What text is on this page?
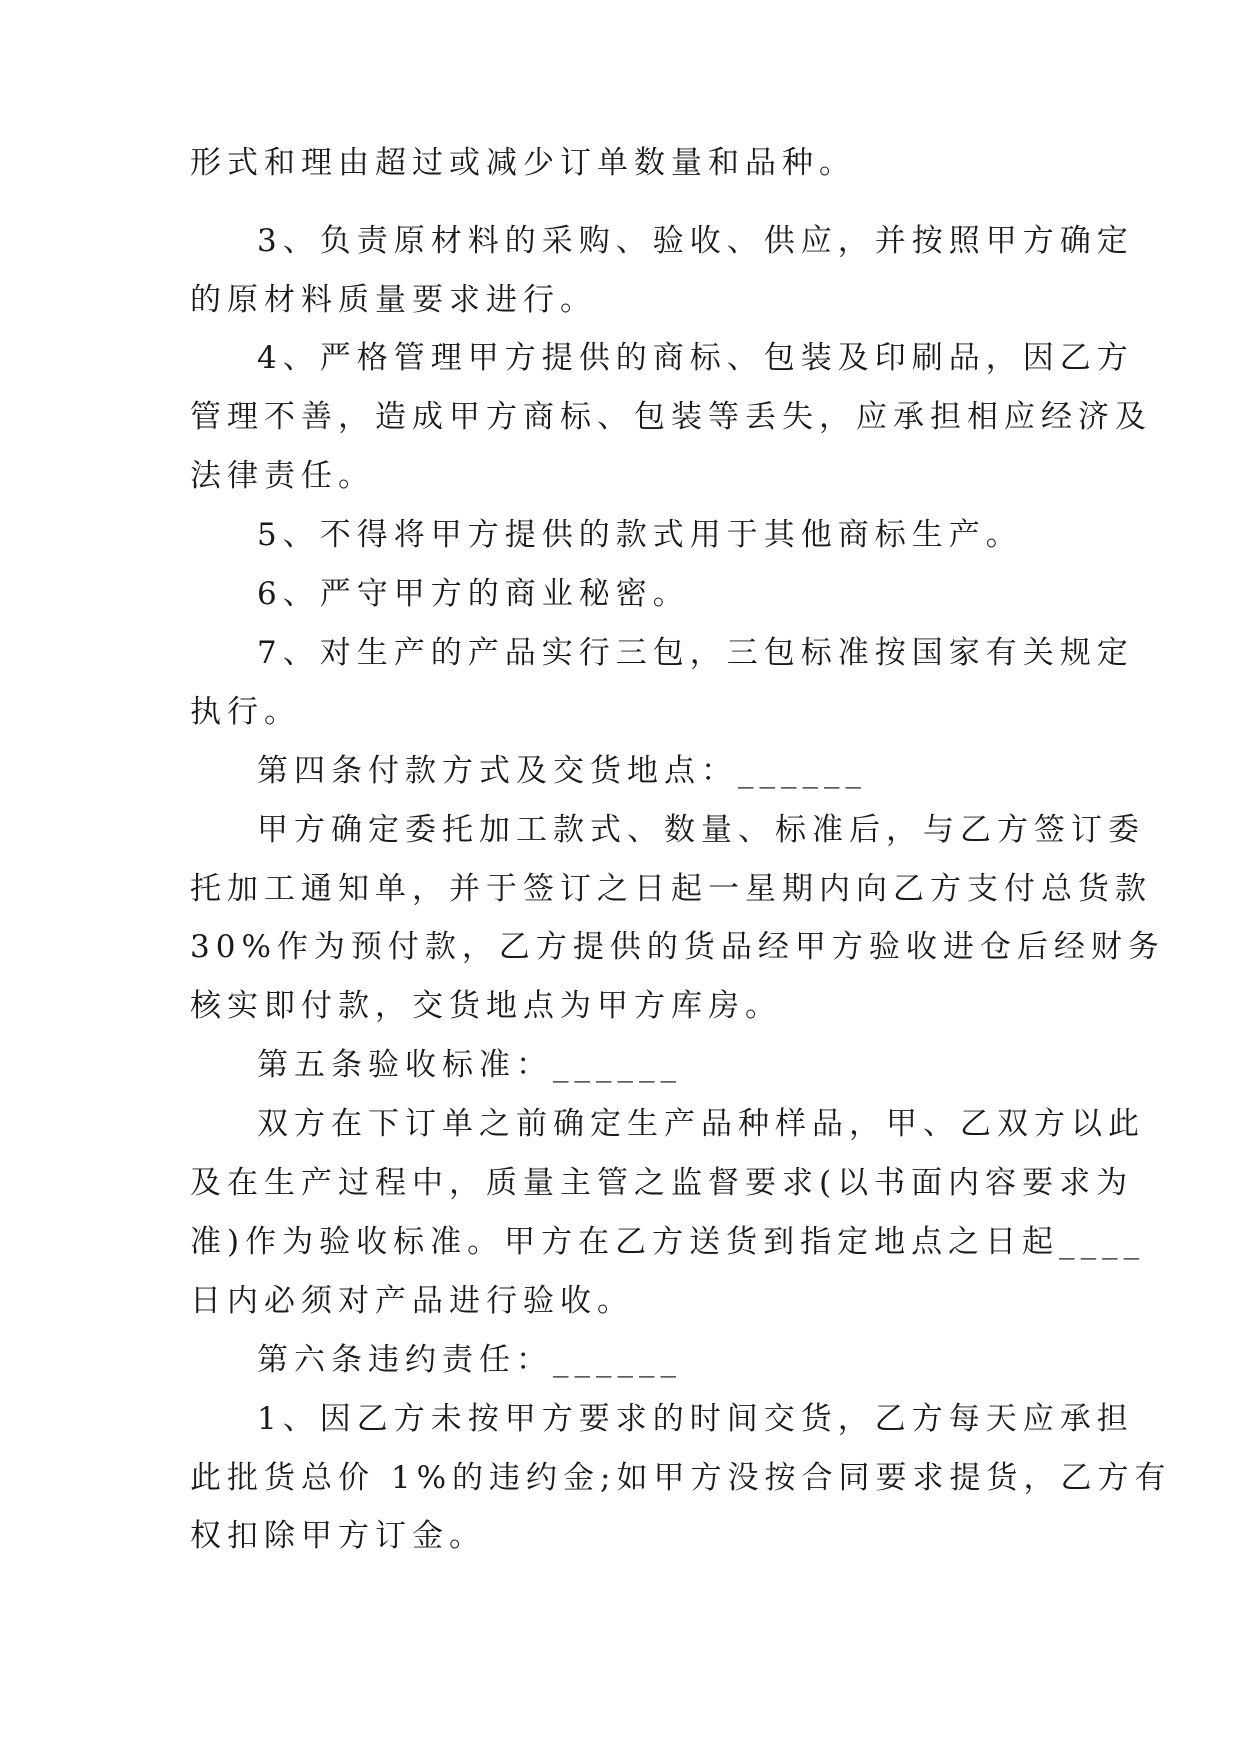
形式和理由超过或减少订单数量和品种。
3、负责原材料的采购、验收、供应，并按照甲方确定
的原材料质量要求进行。
4、严格管理甲方提供的商标、包装及印刷品，因乙方
管理不善，造成甲方商标、包装等丢失，应承担相应经济及
法律责任。
5、不得将甲方提供的款式用于其他商标生产。
6、严守甲方的商业秘密。
7、对生产的产品实行三包，三包标准按国家有关规定
执行。
第四条付款方式及交货地点：______
甲方确定委托加工款式、数量、标准后，与乙方签订委
托加工通知单，并于签订之日起一星期内向乙方支付总货款
30%作为预付款，乙方提供的货品经甲方验收进仓后经财务
核实即付款，交货地点为甲方库房。
第五条验收标准：______
双方在下订单之前确定生产品种样品，甲、乙双方以此
及在生产过程中，质量主管之监督要求(以书面内容要求为
准)作为验收标准。甲方在乙方送货到指定地点之日起____
日内必须对产品进行验收。
第六条违约责任：______
1、因乙方未按甲方要求的时间交货，乙方每天应承担
此批货总价 1%的违约金;如甲方没按合同要求提货，乙方有
权扣除甲方订金。
